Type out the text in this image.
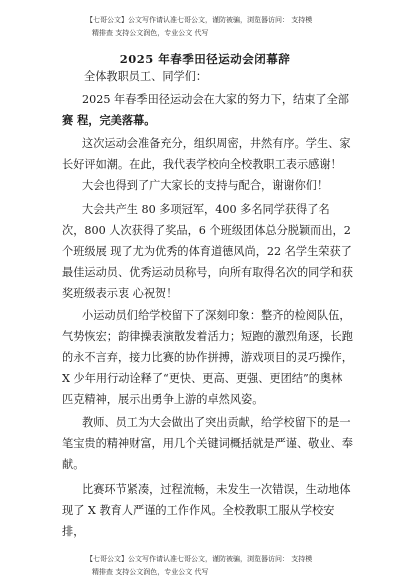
【七哥公文】公文写作请认准七哥公文，谨防被骗，浏览器访问： 支持模
精排查 支持公文润色，专业公文 代写
2025 年春季田径运动会闭幕辞
全体教职员工、同学们：
2025 年春季田径运动会在大家的努力下，结束了全部
赛 程，完美落幕。
这次运动会准备充分，组织周密，井然有序。学生、家
长好评如潮。在此，我代表学校向全校教职工表示感谢！
大会也得到了广大家长的支持与配合，谢谢你们！
大会共产生 80 多项冠军，400 多名同学获得了名
次，800 人次获得了奖品，6 个班级团体总分脱颖而出，2
个班级展 现了尤为优秀的体育道德风尚，22 名学生荣获了
最佳运动员、优秀运动员称号，向所有取得名次的同学和获
奖班级表示衷 心祝贺！
小运动员们给学校留下了深刻印象：整齐的检阅队伍，
气势恢宏；韵律操表演散发着活力；短跑的激烈角逐，长跑
的永不言弃，接力比赛的协作拼搏，游戏项目的灵巧操作，
X 少年用行动诠释了“更快、更高、更强、更团结”的奥林
匹克精神，展示出勇争上游的卓然风姿。
教师、员工为大会做出了突出贡献，给学校留下的是一
笔宝贵的精神财富，用几个关键词概括就是严谨、敬业、奉
献。
比赛环节紧凑，过程流畅，未发生一次错误，生动地体
现了 X 教育人严谨的工作作风。全校教职工服从学校安
排，
【七哥公文】公文写作请认准七哥公文，谨防被骗，浏览器访问： 支持模
精排查 支持公文润色，专业公文 代写
